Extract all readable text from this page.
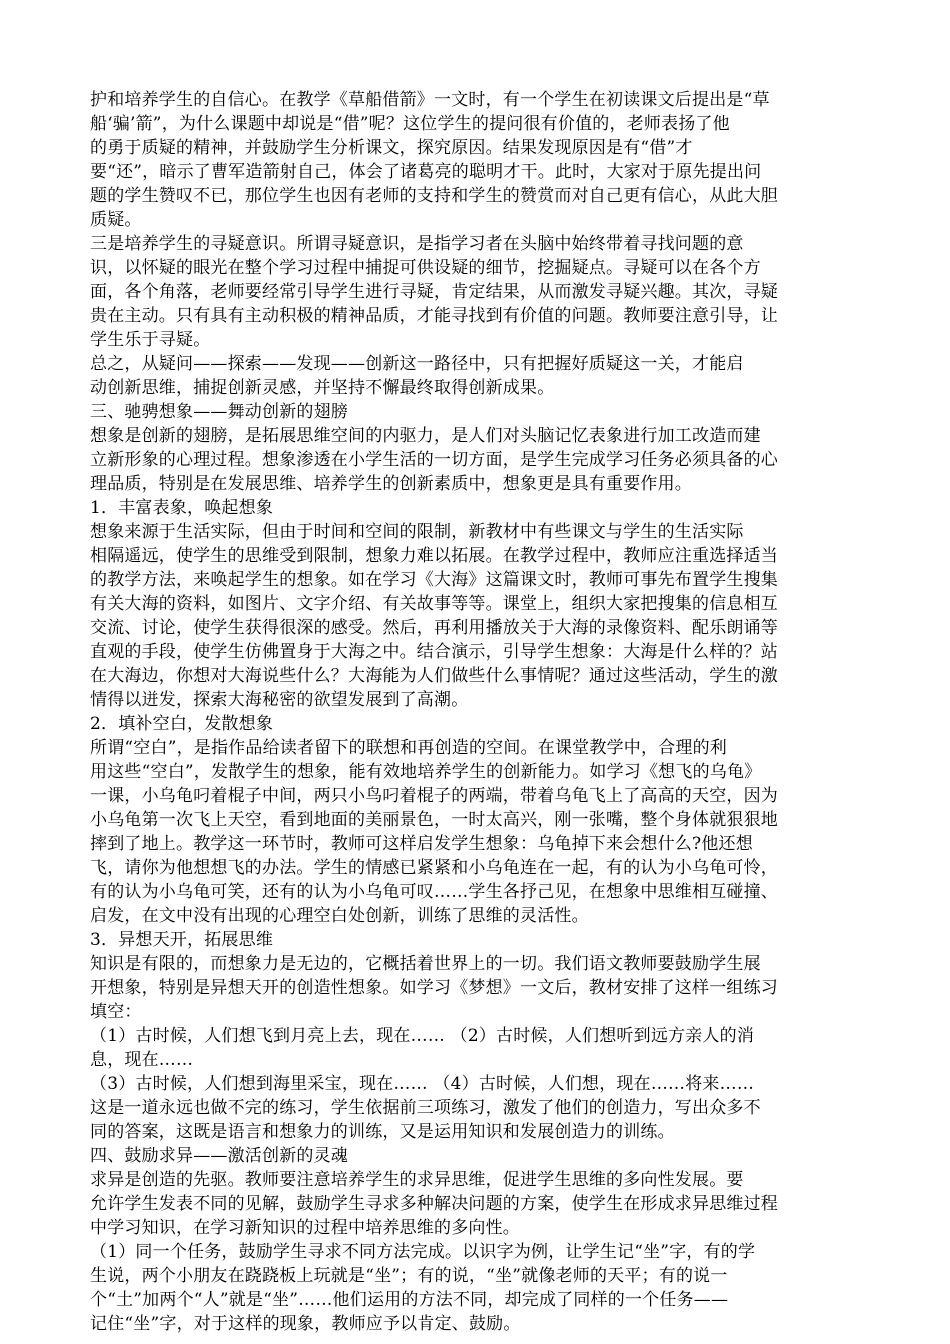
护和培养学生的自信心。在教学《草船借箭》一文时，有一个学生在初读课文后提出是“草
船‘骗’箭”，为什么课题中却说是“借”呢？这位学生的提问很有价值的，老师表扬了他
的勇于质疑的精神，并鼓励学生分析课文，探究原因。结果发现原因是有“借”才
要“还”，暗示了曹军造箭射自己，体会了诸葛亮的聪明才干。此时，大家对于原先提出问
题的学生赞叹不已，那位学生也因有老师的支持和学生的赞赏而对自己更有信心，从此大胆
质疑。
三是培养学生的寻疑意识。所谓寻疑意识，是指学习者在头脑中始终带着寻找问题的意
识，以怀疑的眼光在整个学习过程中捕捉可供设疑的细节，挖掘疑点。寻疑可以在各个方
面，各个角落，老师要经常引导学生进行寻疑，肯定结果，从而激发寻疑兴趣。其次，寻疑
贵在主动。只有具有主动积极的精神品质，才能寻找到有价值的问题。教师要注意引导，让
学生乐于寻疑。
总之，从疑问——探索——发现——创新这一路径中，只有把握好质疑这一关，才能启
动创新思维，捕捉创新灵感，并坚持不懈最终取得创新成果。
三、驰骋想象——舞动创新的翅膀
想象是创新的翅膀，是拓展思维空间的内驱力，是人们对头脑记忆表象进行加工改造而建
立新形象的心理过程。想象渗透在小学生活的一切方面，是学生完成学习任务必须具备的心
理品质，特别是在发展思维、培养学生的创新素质中，想象更是具有重要作用。
1．丰富表象，唤起想象
想象来源于生活实际，但由于时间和空间的限制，新教材中有些课文与学生的生活实际
相隔遥远，使学生的思维受到限制，想象力难以拓展。在教学过程中，教师应注重选择适当
的教学方法，来唤起学生的想象。如在学习《大海》这篇课文时，教师可事先布置学生搜集
有关大海的资料，如图片、文字介绍、有关故事等等。课堂上，组织大家把搜集的信息相互
交流、讨论，使学生获得很深的感受。然后，再利用播放关于大海的录像资料、配乐朗诵等
直观的手段，使学生仿佛置身于大海之中。结合演示，引导学生想象：大海是什么样的？站
在大海边，你想对大海说些什么？大海能为人们做些什么事情呢？通过这些活动，学生的激
情得以迸发，探索大海秘密的欲望发展到了高潮。
2．填补空白，发散想象
所谓“空白”，是指作品给读者留下的联想和再创造的空间。在课堂教学中，合理的利
用这些“空白”，发散学生的想象，能有效地培养学生的创新能力。如学习《想飞的乌龟》
一课，小乌龟叼着棍子中间，两只小鸟叼着棍子的两端，带着乌龟飞上了高高的天空，因为
小乌龟第一次飞上天空，看到地面的美丽景色，一时太高兴，刚一张嘴，整个身体就狠狠地
摔到了地上。教学这一环节时，教师可这样启发学生想象：乌龟掉下来会想什么?他还想
飞，请你为他想想飞的办法。学生的情感已紧紧和小乌龟连在一起，有的认为小乌龟可怜，
有的认为小乌龟可笑，还有的认为小乌龟可叹……学生各抒己见，在想象中思维相互碰撞、
启发，在文中没有出现的心理空白处创新，训练了思维的灵活性。
3．异想天开，拓展思维
知识是有限的，而想象力是无边的，它概括着世界上的一切。我们语文教师要鼓励学生展
开想象，特别是异想天开的创造性想象。如学习《梦想》一文后，教材安排了这样一组练习
填空：
（1）古时候，人们想飞到月亮上去，现在…… （2）古时候，人们想听到远方亲人的消
息，现在……
（3）古时候，人们想到海里采宝，现在…… （4）古时候，人们想，现在……将来……
这是一道永远也做不完的练习，学生依据前三项练习，激发了他们的创造力，写出众多不
同的答案，这既是语言和想象力的训练，又是运用知识和发展创造力的训练。
四、鼓励求异——激活创新的灵魂
求异是创造的先驱。教师要注意培养学生的求异思维，促进学生思维的多向性发展。要
允许学生发表不同的见解，鼓励学生寻求多种解决问题的方案，使学生在形成求异思维过程
中学习知识，在学习新知识的过程中培养思维的多向性。
（1）同一个任务，鼓励学生寻求不同方法完成。以识字为例，让学生记“坐”字，有的学
生说，两个小朋友在跷跷板上玩就是“坐”；有的说，“坐”就像老师的天平；有的说一
个“土”加两个“人”就是“坐”……他们运用的方法不同，却完成了同样的一个任务——
记住“坐”字，对于这样的现象，教师应予以肯定、鼓励。
